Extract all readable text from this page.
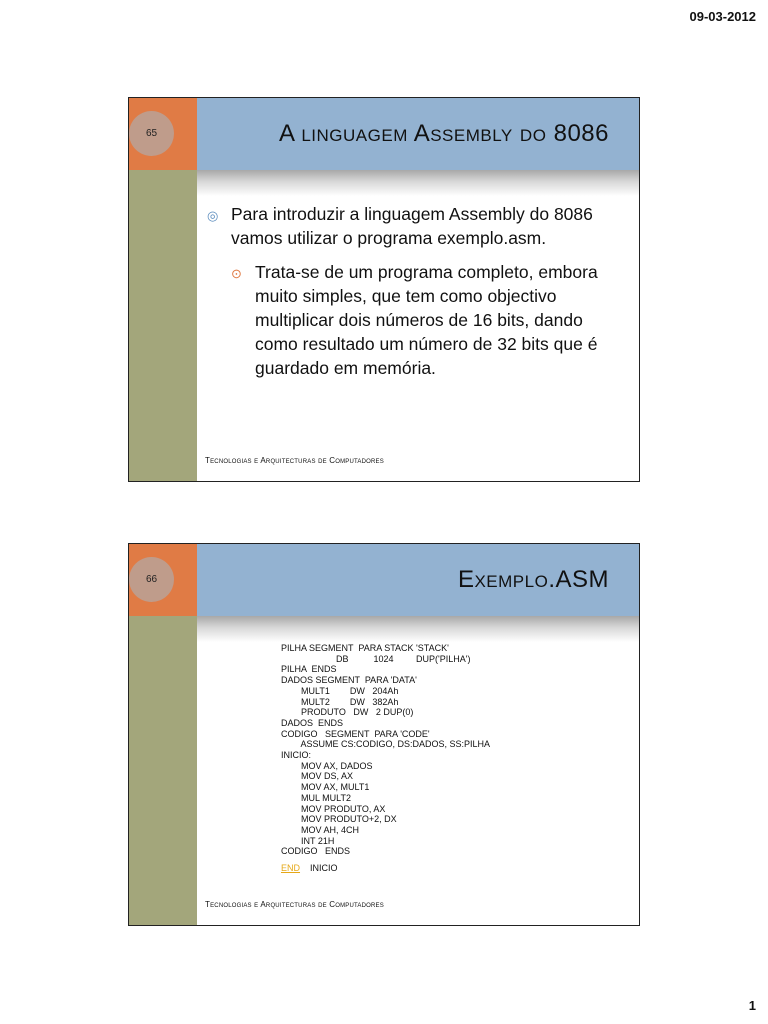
09-03-2012
65	A linguagem Assembly do 8086
◎ Para introduzir a linguagem Assembly do 8086 vamos utilizar o programa exemplo.asm.
⊙ Trata-se de um programa completo, embora muito simples, que tem como objectivo multiplicar dois números de 16 bits, dando como resultado um número de 32 bits que é guardado em memória.
Tecnologias e Arquitecturas de Computadores
66	Exemplo.ASM
PILHA SEGMENT  PARA STACK 'STACK'
DB          1024         DUP('PILHA')
PILHA  ENDS
DADOS SEGMENT  PARA 'DATA'
MULT1        DW   204Ah
MULT2        DW   382Ah
PRODUTO   DW   2 DUP(0)
DADOS  ENDS
CODIGO   SEGMENT  PARA 'CODE'
ASSUME CS:CODIGO, DS:DADOS, SS:PILHA
INICIO:
MOV AX, DADOS
MOV DS, AX
MOV AX, MULT1
MUL MULT2
MOV PRODUTO, AX
MOV PRODUTO+2, DX
MOV AH, 4CH
INT 21H
CODIGO   ENDS
END    INICIO
Tecnologias e Arquitecturas de Computadores
1
